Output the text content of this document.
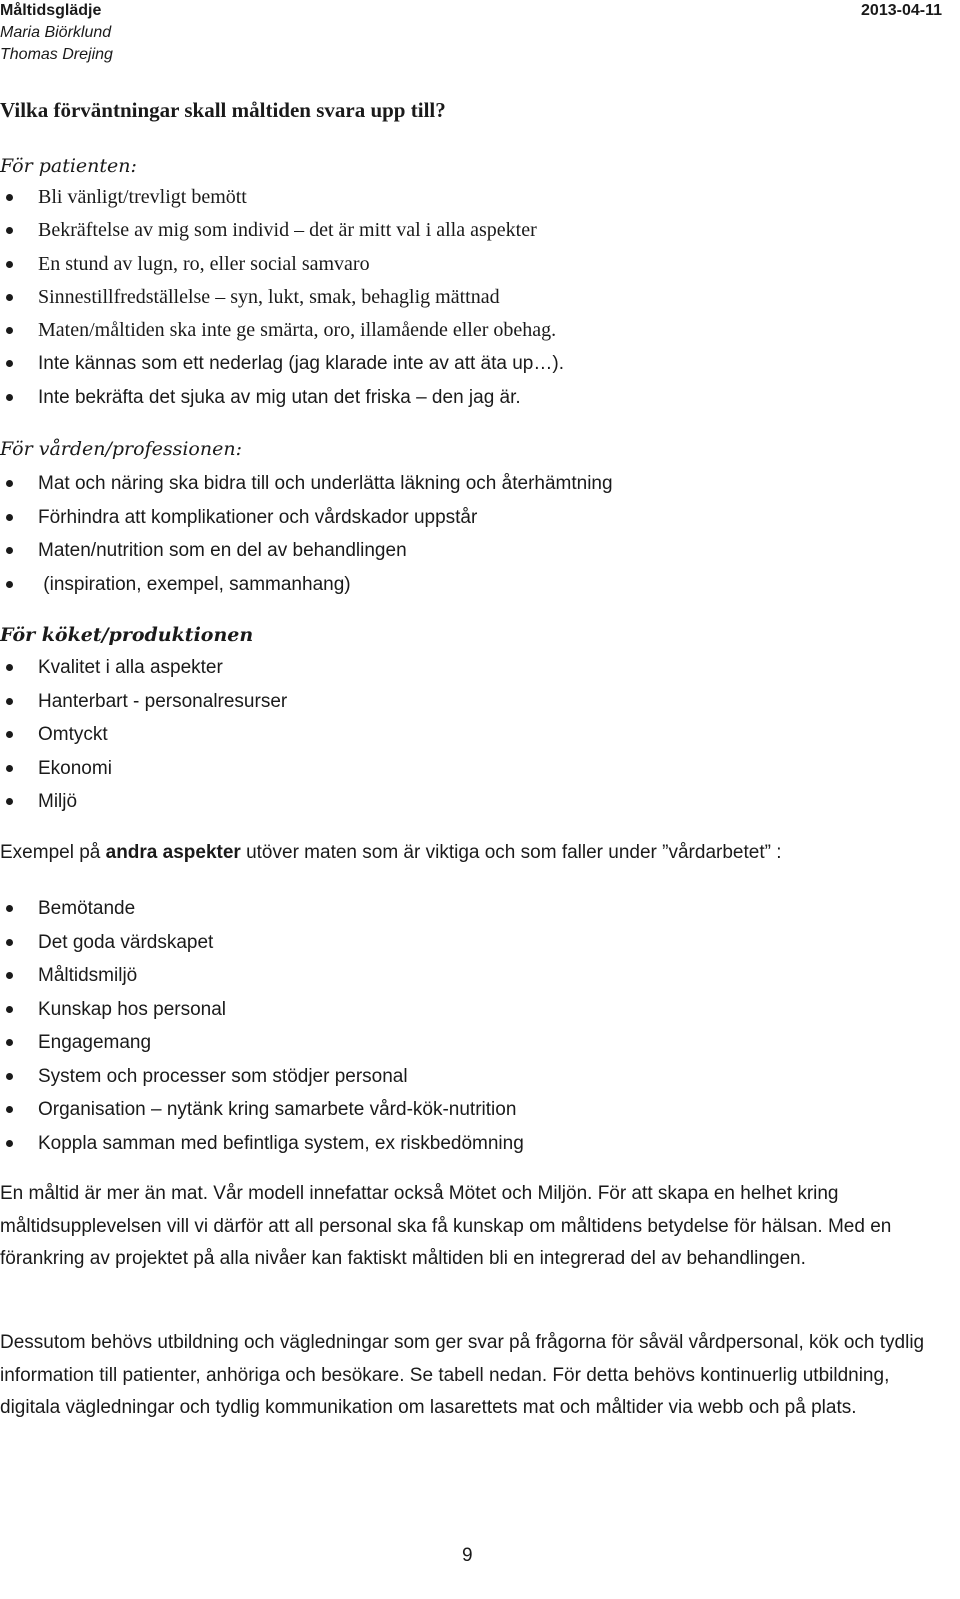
Måltidsglädje
Maria Biörklund
Thomas Drejing
2013-04-11
Vilka förväntningar skall måltiden svara upp till?
För patienten:
Bli vänligt/trevligt bemött
Bekräftelse av mig som individ – det är mitt val i alla aspekter
En stund av lugn, ro, eller social samvaro
Sinnestillfredställelse – syn, lukt, smak, behaglig mättnad
Maten/måltiden ska inte ge smärta, oro, illamående eller obehag.
Inte kännas som ett nederlag (jag klarade inte av att äta up…).
Inte bekräfta det sjuka av mig utan det friska – den jag är.
För vården/professionen:
Mat och näring ska bidra till och underlätta läkning och återhämtning
Förhindra att komplikationer och vårdskador uppstår
Maten/nutrition som en del av behandlingen
(inspiration, exempel, sammanhang)
För köket/produktionen
Kvalitet i alla aspekter
Hanterbart - personalresurser
Omtyckt
Ekonomi
Miljö
Exempel på andra aspekter utöver maten som är viktiga och som faller under ”vårdarbetet” :
Bemötande
Det goda värdskapet
Måltidsmiljö
Kunskap hos personal
Engagemang
System och processer som stödjer personal
Organisation – nytänk kring samarbete vård-kök-nutrition
Koppla samman med befintliga system, ex riskbedömning

En måltid är mer än mat. Vår modell innefattar också Mötet och Miljön. För att skapa en helhet kring måltidsupplevelsen vill vi därför att all personal ska få kunskap om måltidens betydelse för hälsan. Med en förankring av projektet på alla nivåer kan faktiskt måltiden bli en integrerad del av behandlingen.

Dessutom behövs utbildning och vägledningar som ger svar på frågorna för såväl vårdpersonal, kök och tydlig information till patienter, anhöriga och besökare. Se tabell nedan. För detta behövs kontinuerlig utbildning, digitala vägledningar och tydlig kommunikation om lasarettets mat och måltider via webb och på plats.

9
